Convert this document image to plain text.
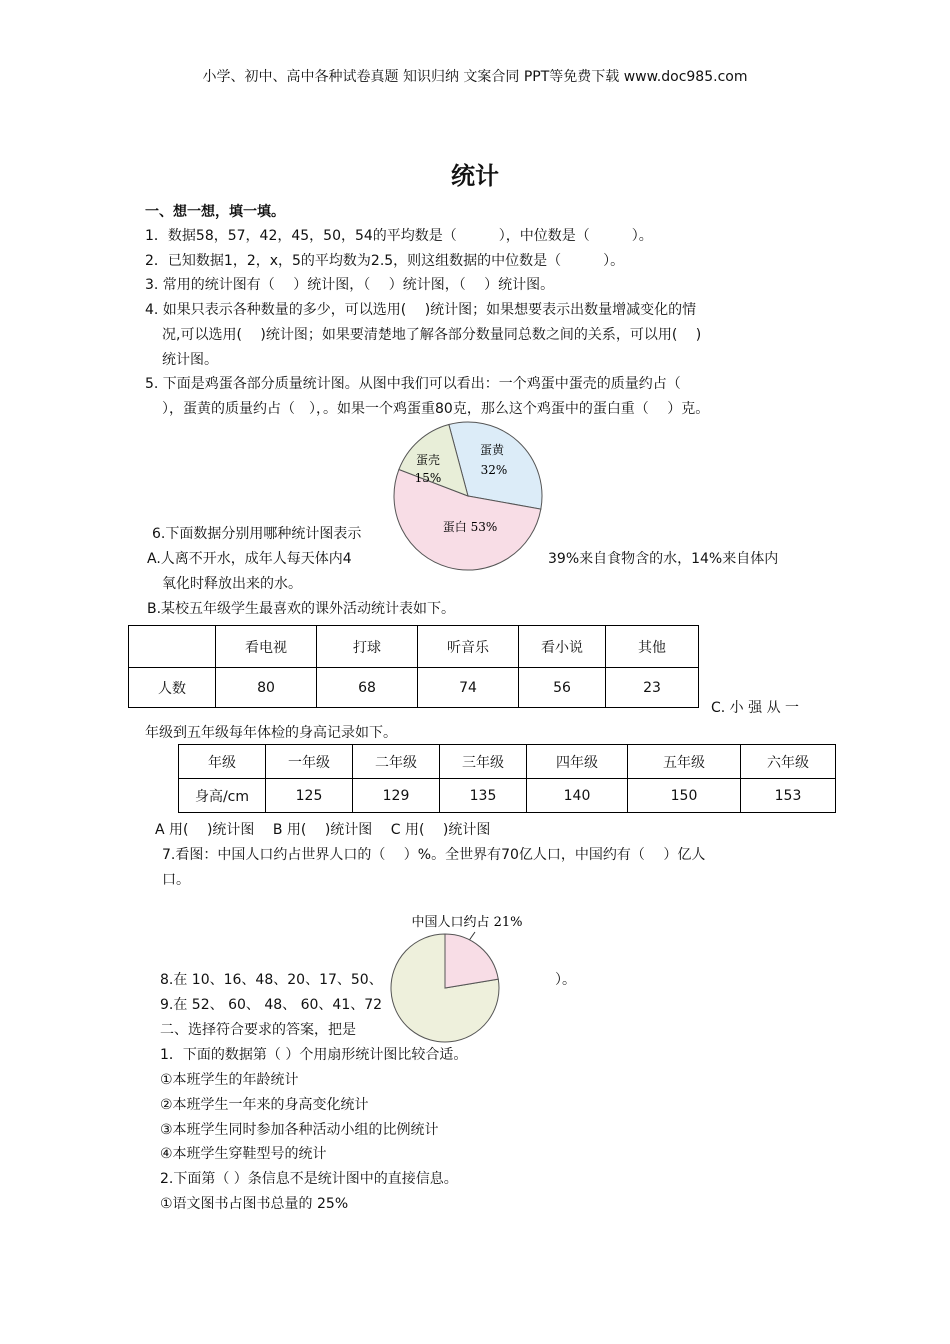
小学、初中、高中各种试卷真题 知识归纳 文案合同 PPT等免费下载 www.doc985.com
统计
一、想一想，填一填。
1．数据58，57，42，45，50，54的平均数是（　　　），中位数是（　　　）。
2．已知数据1，2，x，5的平均数为2.5，则这组数据的中位数是（　　　）。
3. 常用的统计图有（　 ）统计图，（　 ）统计图，（　 ）统计图。
4. 如果只表示各种数量的多少，可以选用(　 )统计图；如果想要表示出数量增减变化的情
况,可以选用(　 )统计图；如果要清楚地了解各部分数量同总数之间的关系，可以用(　 )
统计图。
5. 下面是鸡蛋各部分质量统计图。从图中我们可以看出：一个鸡蛋中蛋壳的质量约占（
），蛋黄的质量约占（　），。如果一个鸡蛋重80克，那么这个鸡蛋中的蛋白重（　 ）克。
蛋黄
32%
蛋壳
15%
蛋白 53%
6.下面数据分别用哪种统计图表示
A.人离不开水，成年人每天体内4	39%来自食物含的水，14%来自体内
氧化时释放出来的水。
B.某校五年级学生最喜欢的课外活动统计表如下。
	看电视	打球	听音乐	看小说	其他
人数	80	68	74	56	23
C. 小 强 从 一
年级到五年级每年体检的身高记录如下。
年级	一年级	二年级	三年级	四年级	五年级	六年级
身高/cm	125	129	135	140	150	153
A 用(　 )统计图　 B 用(　 )统计图　 C 用(　 )统计图
7.看图：中国人口约占世界人口的（　 ）%。全世界有70亿人口，中国约有（　 ）亿人
口。
中国人口约占 21%
8.在 10、16、48、20、17、50、	）。
9.在 52、 60、 48、 60、41、72
二、选择符合要求的答案，把是
1．下面的数据第（ ）个用扇形统计图比较合适。
①本班学生的年龄统计
②本班学生一年来的身高变化统计
③本班学生同时参加各种活动小组的比例统计
④本班学生穿鞋型号的统计
2.下面第（ ）条信息不是统计图中的直接信息。
①语文图书占图书总量的 25%
